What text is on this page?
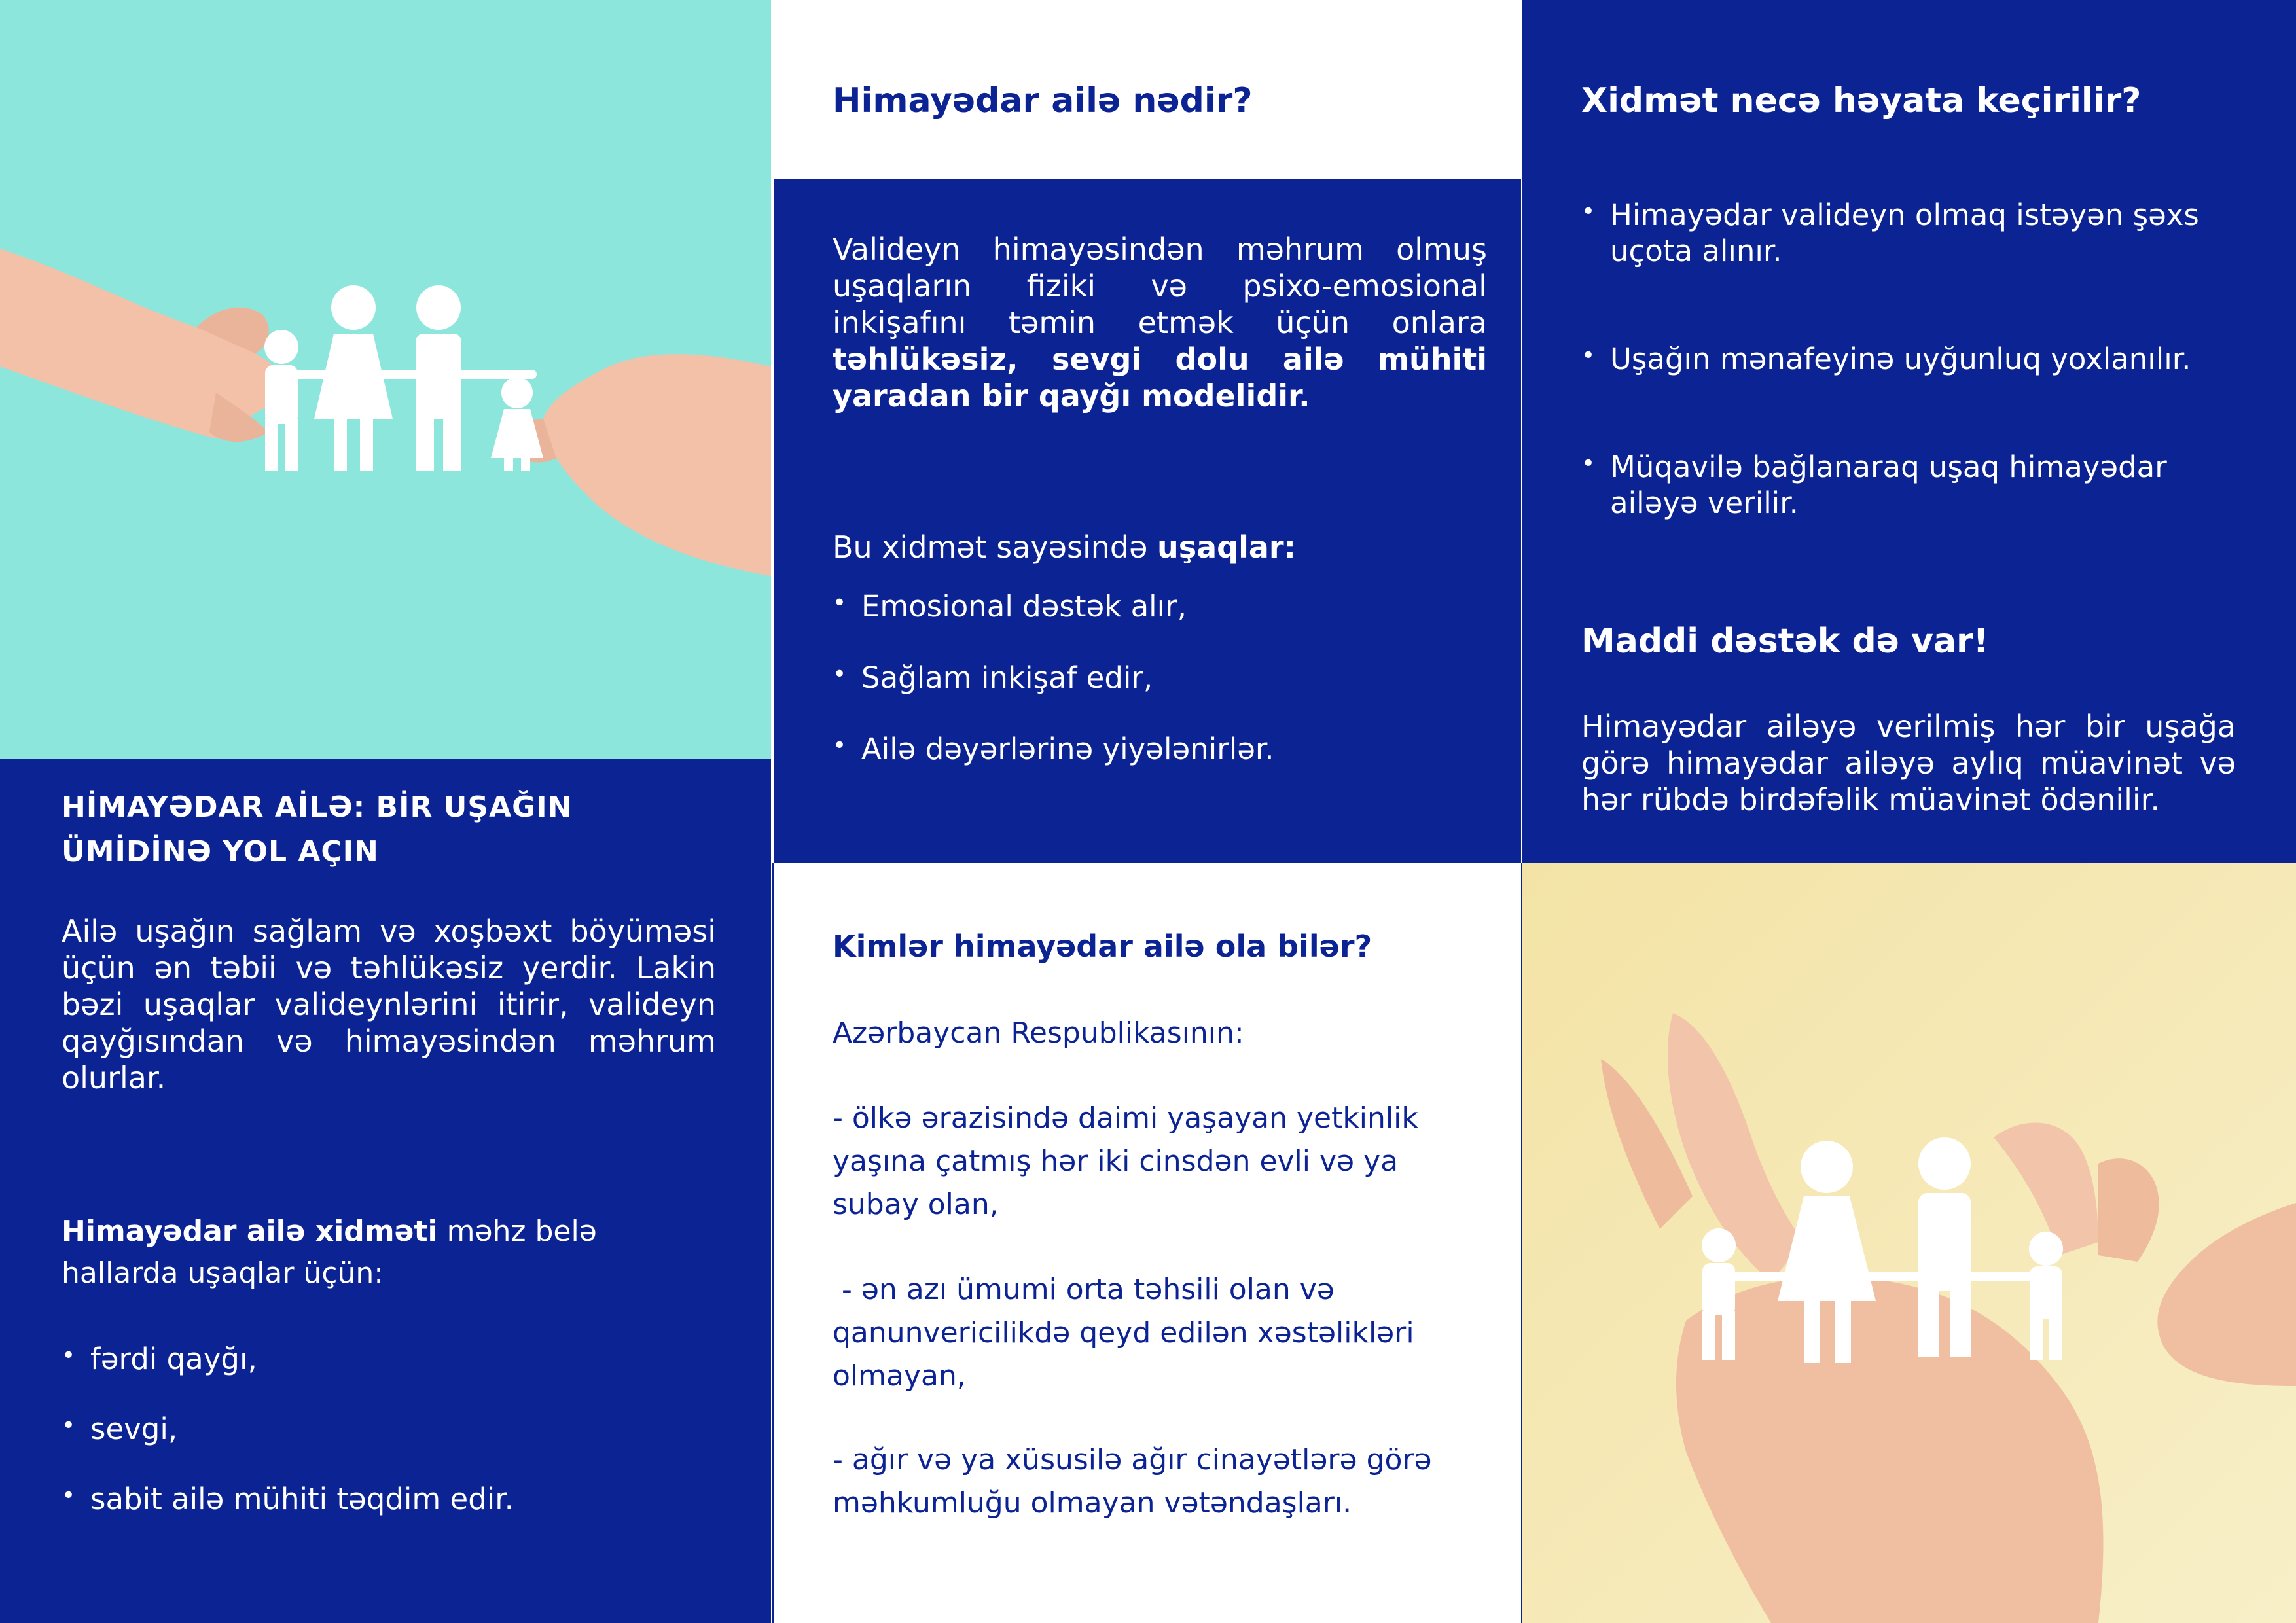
HİMAYƏDAR AİLƏ: BİR UŞAĞIN
ÜMİDİNƏ YOL AÇIN

Ailə uşağın sağlam və xoşbəxt böyüməsi üçün ən təbii və təhlükəsiz yerdir. Lakin bəzi uşaqlar valideynlərini itirir, valideyn qayğısından və himayəsindən məhrum olurlar.

Himayədar ailə xidməti məhz belə hallarda uşaqlar üçün:

• fərdi qayğı,
• sevgi,
• sabit ailə mühiti təqdim edir.
Himayədar ailə nədir?

Valideyn himayəsindən məhrum olmuş uşaqların fiziki və psixo-emosional inkişafını təmin etmək üçün onlara təhlükəsiz, sevgi dolu ailə mühiti yaradan bir qayğı modelidir.

Bu xidmət sayəsində uşaqlar:

• Emosional dəstək alır,
• Sağlam inkişaf edir,
• Ailə dəyərlərinə yiyələnirlər.
Kimlər himayədar ailə ola bilər?

Azərbaycan Respublikasının:

- ölkə ərazisində daimi yaşayan yetkinlik yaşına çatmış hər iki cinsdən evli və ya subay olan,

- ən azı ümumi orta təhsili olan və qanunvericilikdə qeyd edilən xəstəlikləri olmayan,

- ağır və ya xüsusilə ağır cinayətlərə görə məhkumluğu olmayan vətəndaşları.

Xidmət necə həyata keçirilir?
• Himayədar valideyn olmaq istəyən şəxs uçota alınır.
• Uşağın mənafeyinə uyğunluq yoxlanılır.
• Müqavilə bağlanaraq uşaq himayədar ailəyə verilir.
Maddi dəstək də var!

Himayədar ailəyə verilmiş hər bir uşağa görə himayədar ailəyə aylıq müavinət və hər rübdə birdəfəlik müavinət ödənilir.
